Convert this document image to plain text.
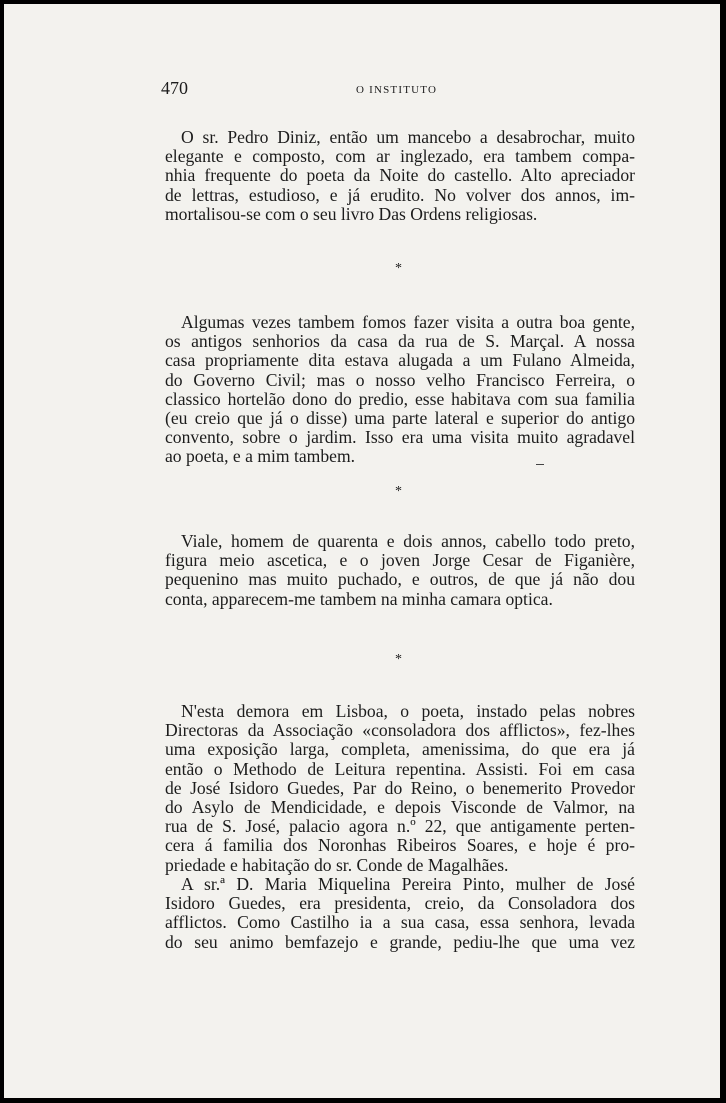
470	O INSTITUTO
O sr. Pedro Diniz, então um mancebo a desabrochar, muito
elegante e composto, com ar inglezado, era tambem compa-
nhia frequente do poeta da Noite do castello. Alto apreciador
de lettras, estudioso, e já erudito. No volver dos annos, im-
mortalisou-se com o seu livro Das Ordens religiosas.
*
Algumas vezes tambem fomos fazer visita a outra boa gente,
os antigos senhorios da casa da rua de S. Marçal. A nossa
casa propriamente dita estava alugada a um Fulano Almeida,
do Governo Civil; mas o nosso velho Francisco Ferreira, o
classico hortelão dono do predio, esse habitava com sua familia
(eu creio que já o disse) uma parte lateral e superior do antigo
convento, sobre o jardim. Isso era uma visita muito agradavel
ao poeta, e a mim tambem.
*
Viale, homem de quarenta e dois annos, cabello todo preto,
figura meio ascetica, e o joven Jorge Cesar de Figanière,
pequenino mas muito puchado, e outros, de que já não dou
conta, apparecem-me tambem na minha camara optica.
*
N'esta demora em Lisboa, o poeta, instado pelas nobres
Directoras da Associação «consoladora dos afflictos», fez-lhes
uma exposição larga, completa, amenissima, do que era já
então o Methodo de Leitura repentina. Assisti. Foi em casa
de José Isidoro Guedes, Par do Reino, o benemerito Provedor
do Asylo de Mendicidade, e depois Visconde de Valmor, na
rua de S. José, palacio agora n.º 22, que antigamente perten-
cera á familia dos Noronhas Ribeiros Soares, e hoje é pro-
priedade e habitação do sr. Conde de Magalhães.
A sr.ª D. Maria Miquelina Pereira Pinto, mulher de José
Isidoro Guedes, era presidenta, creio, da Consoladora dos
afflictos. Como Castilho ia a sua casa, essa senhora, levada
do seu animo bemfazejo e grande, pediu-lhe que uma vez
